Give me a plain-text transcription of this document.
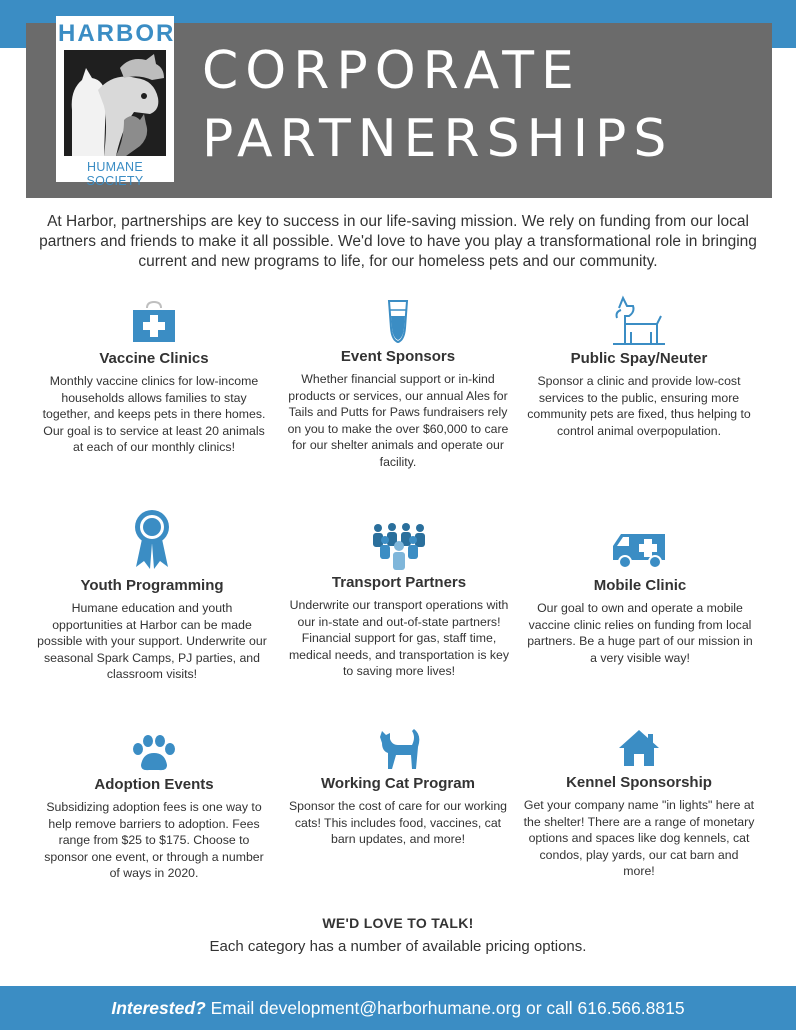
HARBOR
HUMANE SOCIETY
CORPORATE
PARTNERSHIPS
At Harbor, partnerships are key to success in our life-saving mission. We rely on funding from our local partners and friends to make it all possible. We'd love to have you play a transformational role in bringing current and new programs to life, for our homeless pets and our community.
Vaccine Clinics

Monthly vaccine clinics for low-income households allows families to stay together, and keeps pets in there homes. Our goal is to service at least 20 animals at each of our monthly clinics!

Event Sponsors

Whether financial support or in-kind products or services, our annual Ales for Tails and Putts for Paws fundraisers rely on you to make the over $60,000 to care for our shelter animals and operate our facility.

Public Spay/Neuter

Sponsor a clinic and provide low-cost services to the public, ensuring more community pets are fixed, thus helping to control animal overpopulation.

Youth Programming

Humane education and youth opportunities at Harbor can be made possible with your support. Underwrite our seasonal Spark Camps, PJ parties, and classroom visits!

Transport Partners

Underwrite our transport operations with our in-state and out-of-state partners! Financial support for gas, staff time, medical needs, and transportation is key to saving more lives!

Mobile Clinic

Our goal to own and operate a mobile vaccine clinic relies on funding from local partners. Be a huge part of our mission in a very visible way!

Adoption Events

Subsidizing adoption fees is one way to help remove barriers to adoption. Fees range from $25 to $175. Choose to sponsor one event, or through a number of ways in 2020.

Working Cat Program

Sponsor the cost of care for our working cats! This includes food, vaccines, cat barn updates, and more!

Kennel Sponsorship

Get your company name "in lights" here at the shelter! There are a range of monetary options and spaces like dog kennels, cat condos, play yards, our cat barn and more!

WE'D LOVE TO TALK!
Each category has a number of available pricing options.
Interested? Email development@harborhumane.org or call 616.566.8815
